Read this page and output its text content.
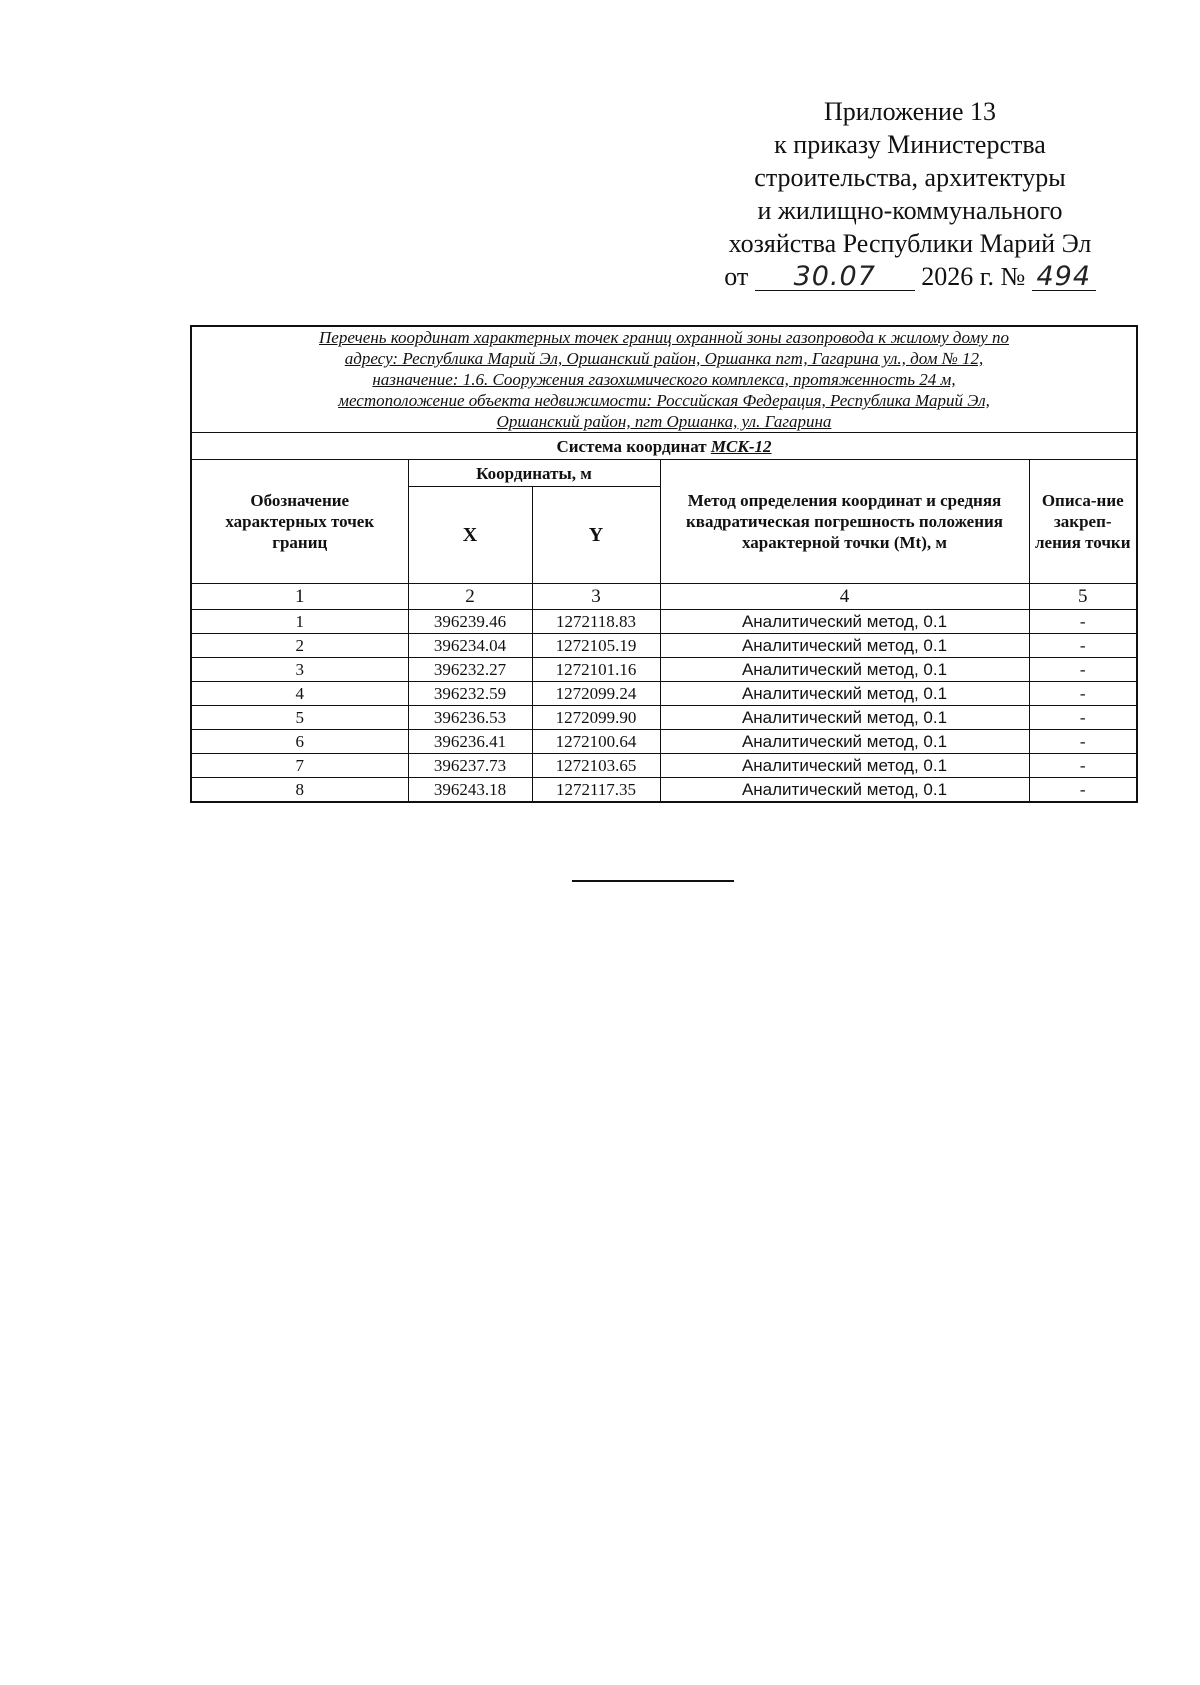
Приложение 13
к приказу Министерства
строительства, архитектуры
и жилищно-коммунального
хозяйства Республики Марий Эл
от 30.07 2026 г. № 494
Перечень координат характерных точек границ охранной зоны газопровода к жилому дому по
адресу: Республика Марий Эл, Оршанский район, Оршанка пгт, Гагарина ул., дом № 12,
назначение: 1.6. Сооружения газохимического комплекса, протяженность 24 м,
местоположение объекта недвижимости: Российская Федерация, Республика Марий Эл,
Оршанский район, пгт Оршанка, ул. Гагарина				

Система координат МСК-12				
Обозначение характерных точек границ	Координаты, м		Метод определения координат и средняя квадратическая погрешность положения характерной точки (Mt), м	Описа-ние закреп-ления точки
	X	Y		
1	2	3	4	5
1	396239.46	1272118.83	Аналитический метод, 0.1	-
2	396234.04	1272105.19	Аналитический метод, 0.1	-
3	396232.27	1272101.16	Аналитический метод, 0.1	-
4	396232.59	1272099.24	Аналитический метод, 0.1	-
5	396236.53	1272099.90	Аналитический метод, 0.1	-
6	396236.41	1272100.64	Аналитический метод, 0.1	-
7	396237.73	1272103.65	Аналитический метод, 0.1	-
8	396243.18	1272117.35	Аналитический метод, 0.1	-
